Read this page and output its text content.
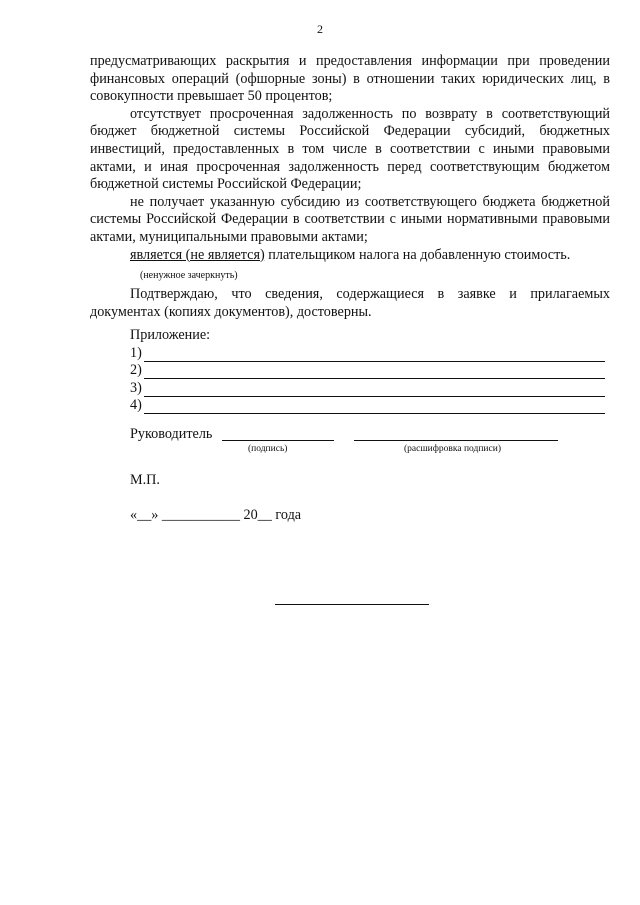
2

предусматривающих раскрытия и предоставления информации при проведении финансовых операций (офшорные зоны) в отношении таких юридических лиц, в совокупности превышает 50 процентов;

отсутствует просроченная задолженность по возврату в соответствующий бюджет бюджетной системы Российской Федерации субсидий, бюджетных инвестиций, предоставленных в том числе в соответствии с иными правовыми актами, и иная просроченная задолженность перед соответствующим бюджетом бюджетной системы Российской Федерации;

не получает указанную субсидию из соответствующего бюджета бюджетной системы Российской Федерации в соответствии с иными нормативными правовыми актами, муниципальными правовыми актами;

является (не является) плательщиком налога на добавленную стоимость.

(ненужное зачеркнуть)

Подтверждаю, что сведения, содержащиеся в заявке и прилагаемых документах (копиях документов), достоверны.

Приложение:
1)
2)
3)
4)
Руководитель
(подпись)	(расшифровка подписи)
М.П.
«__» ___________ 20__ года
